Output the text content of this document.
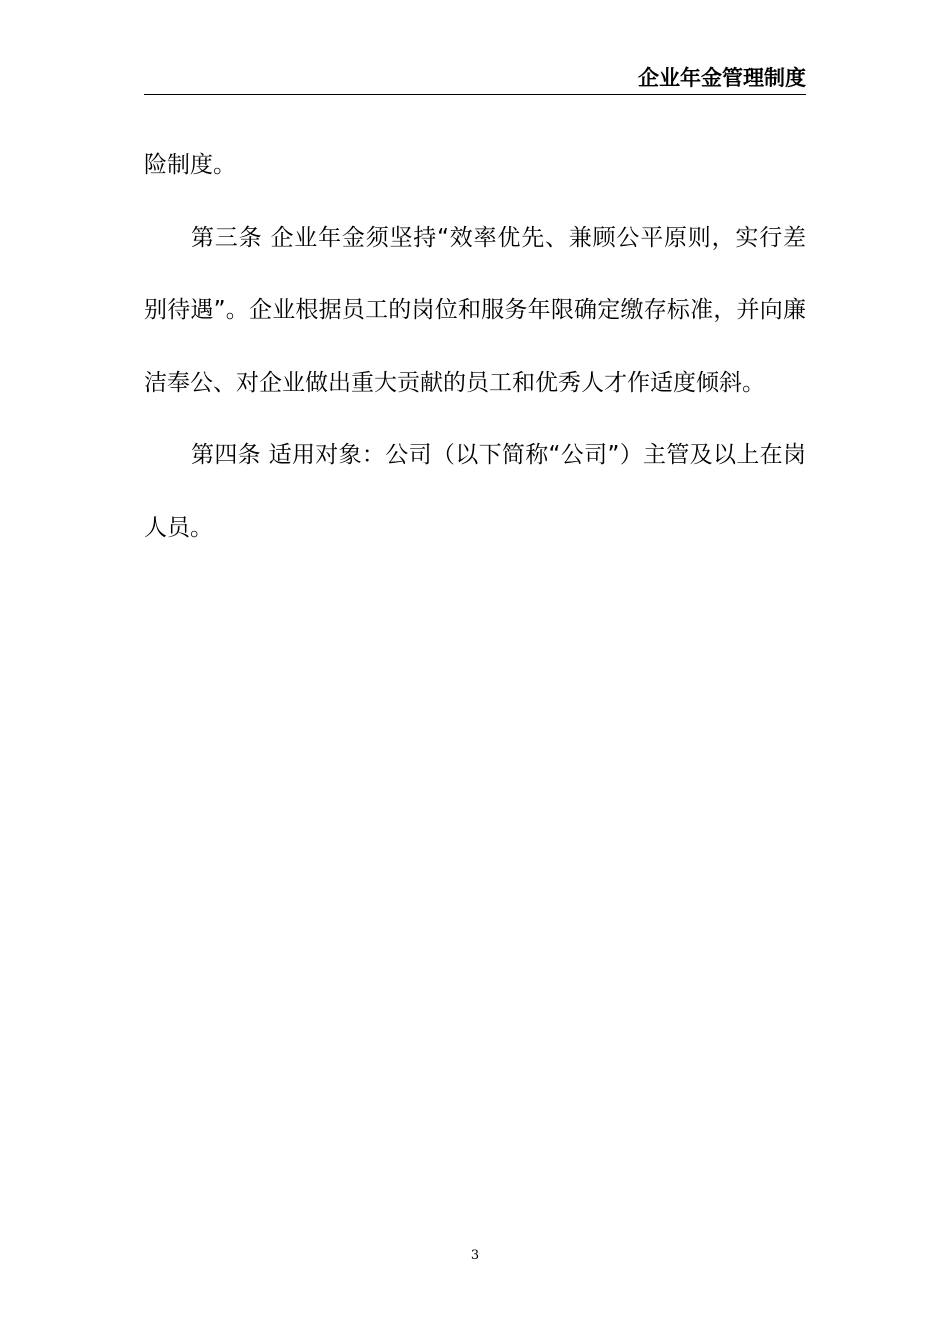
企业年金管理制度

险制度。

第三条 企业年金须坚持“效率优先、兼顾公平原则，实行差别待遇”。企业根据员工的岗位和服务年限确定缴存标准，并向廉洁奉公、对企业做出重大贡献的员工和优秀人才作适度倾斜。

第四条 适用对象：公司（以下简称“公司”）主管及以上在岗人员。

3
